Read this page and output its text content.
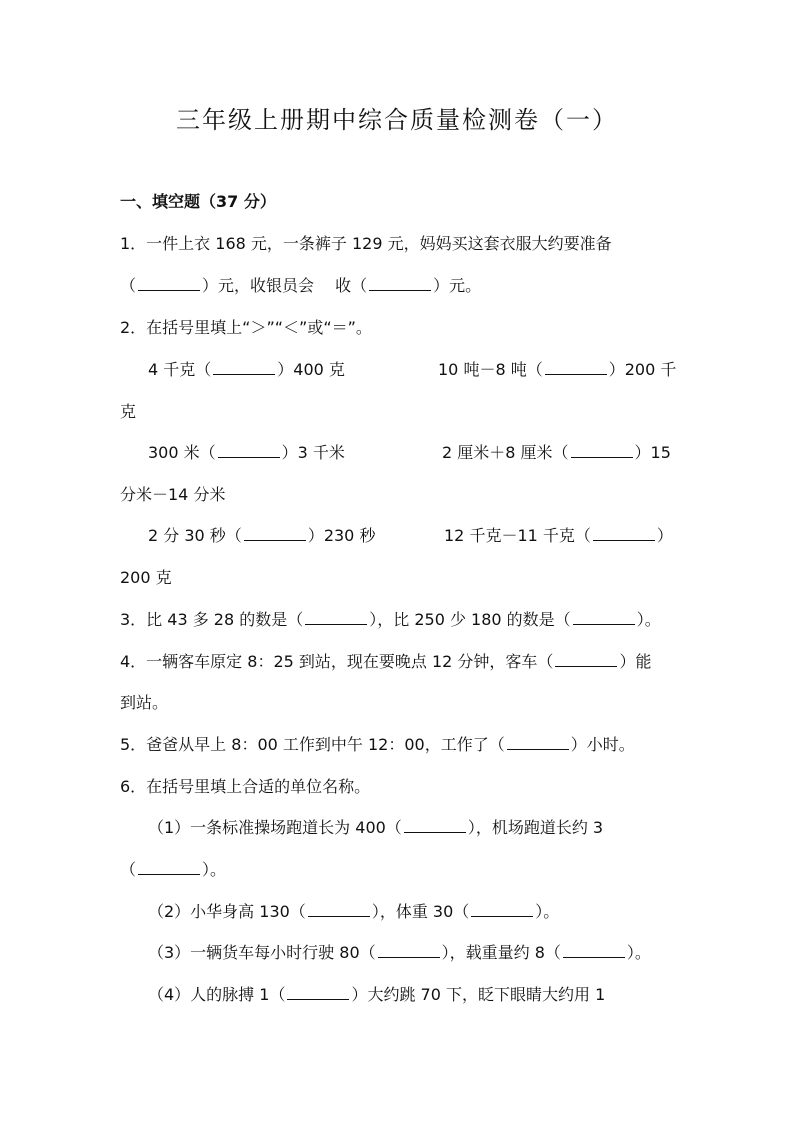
三年级上册期中综合质量检测卷（一）
一、填空题（37 分）
1．一件上衣 168 元，一条裤子 129 元，妈妈买这套衣服大约要准备
（	）元，收银员会　 收（	）元。
2．在括号里填上“＞”“＜”或“＝”。
4 千克（	）400 克	10 吨－8 吨（	）200 千
克
300 米（	）3 千米	2 厘米＋8 厘米（	）15
分米－14 分米
2 分 30 秒（	）230 秒	12 千克－11 千克（	）
200 克
3．比 43 多 28 的数是（	），比 250 少 180 的数是（	）。
4．一辆客车原定 8：25 到站，现在要晚点 12 分钟，客车（	）能
到站。
5．爸爸从早上 8：00 工作到中午 12：00，工作了（	）小时。
6．在括号里填上合适的单位名称。
（1）一条标准操场跑道长为 400（	），机场跑道长约 3
（	）。
（2）小华身高 130（	），体重 30（	）。
（3）一辆货车每小时行驶 80（	），载重量约 8（	）。
（4）人的脉搏 1（	）大约跳 70 下，眨下眼睛大约用 1
